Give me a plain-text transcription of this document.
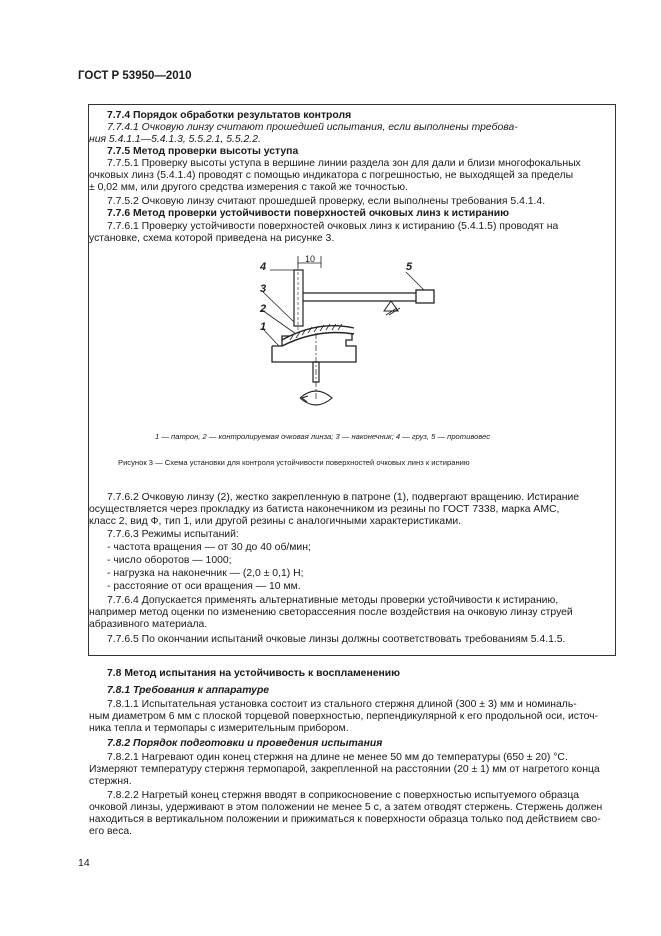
ГОСТ Р 53950—2010
7.7.4 Порядок обработки результатов контроля
7.7.4.1 Очковую линзу считают прошедшей испытания, если выполнены требова-
ния 5.4.1.1—5.4.1.3, 5.5.2.1, 5.5.2.2.
7.7.5 Метод проверки высоты уступа
7.7.5.1 Проверку высоты уступа в вершине линии раздела зон для дали и близи многофокальных
очковых линз (5.4.1.4) проводят с помощью индикатора с погрешностью, не выходящей за пределы
± 0,02 мм, или другого средства измерения с такой же точностью.
7.7.5.2 Очковую линзу считают прошедшей проверку, если выполнены требования 5.4.1.4.
7.7.6 Метод проверки устойчивости поверхностей очковых линз к истиранию
7.7.6.1 Проверку устойчивости поверхностей очковых линз к истиранию (5.4.1.5) проводят на
установке, схема которой приведена на рисунке 3.
10
4
3
2
1
5
1 — патрон, 2 — контролируемая очковая линза; 3 — наконечник; 4 — груз, 5 — противовес
Рисунок 3 — Схема установки для контроля устойчивости поверхностей очковых линз к истиранию
7.7.6.2 Очковую линзу (2), жестко закрепленную в патроне (1), подвергают вращению. Истирание
осуществляется через прокладку из батиста наконечником из резины по ГОСТ 7338, марка АМС,
класс 2, вид Ф, тип 1, или другой резины с аналогичными характеристиками.
7.7.6.3 Режимы испытаний:
- частота вращения — от 30 до 40 об/мин;
- число оборотов — 1000;
- нагрузка на наконечник — (2,0 ± 0,1) Н;
- расстояние от оси вращения — 10 мм.
7.7.6.4 Допускается применять альтернативные методы проверки устойчивости к истиранию,
например метод оценки по изменению светорассеяния после воздействия на очковую линзу струей
абразивного материала.
7.7.6.5 По окончании испытаний очковые линзы должны соответствовать требованиям 5.4.1.5.
7.8 Метод испытания на устойчивость к воспламенению
7.8.1 Требования к аппаратуре
7.8.1.1 Испытательная установка состоит из стального стержня длиной (300 ± 3) мм и номиналь-
ным диаметром 6 мм с плоской торцевой поверхностью, перпендикулярной к его продольной оси, источ-
ника тепла и термопары с измерительным прибором.
7.8.2 Порядок подготовки и проведения испытания
7.8.2.1 Нагревают один конец стержня на длине не менее 50 мм до температуры (650 ± 20) °С.
Измеряют температуру стержня термопарой, закрепленной на расстоянии (20 ± 1) мм от нагретого конца
стержня.
7.8.2.2 Нагретый конец стержня вводят в соприкосновение с поверхностью испытуемого образца
очковой линзы, удерживают в этом положении не менее 5 с, а затем отводят стержень. Стержень должен
находиться в вертикальном положении и прижиматься к поверхности образца только под действием сво-
его веса.
14
